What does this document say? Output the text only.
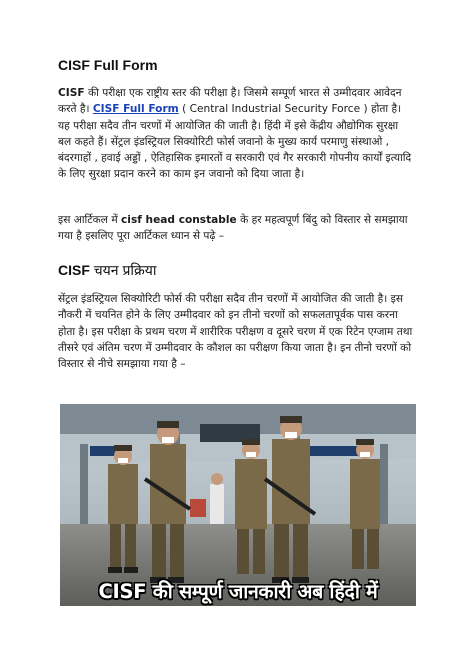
CISF Full Form

CISF की परीक्षा एक राष्ट्रीय स्तर की परीक्षा है। जिसमे सम्पूर्ण भारत से उम्मीदवार आवेदन करते है। CISF Full Form ( Central Industrial Security Force ) होता है। यह परीक्षा सदैव तीन चरणों में आयोजित की जाती है। हिंदी में इसे केंद्रीय औद्योगिक सुरक्षा बल कहते हैं। सेंट्रल इंडस्ट्रियल सिक्योरिटी फोर्स जवानो के मुख्य कार्य परमाणु संस्थाओ , बंदरगाहों , हवाई अड्डों , ऐतिहासिक इमारतों व सरकारी एवं गैर सरकारी गोपनीय कार्यों इत्यादि के लिए सुरक्षा प्रदान करने का काम इन जवानो को दिया जाता है।

इस आर्टिकल में cisf head constable के हर महत्वपूर्ण बिंदु को विस्तार से समझाया गया है इसलिए पूरा आर्टिकल ध्यान से पढ़े –

CISF चयन प्रक्रिया

सेंट्रल इंडस्ट्रियल सिक्योरिटी फोर्स की परीक्षा सदैव तीन चरणों में आयोजित की जाती है। इस नौकरी में चयनित होने के लिए उम्मीदवार को इन तीनो चरणों को सफलतापूर्वक पास करना होता है। इस परीक्षा के प्रथम चरण में शारीरिक परीक्षण व दूसरे चरण में एक रिटेन एग्जाम तथा तीसरे एवं अंतिम चरण में उम्मीदवार के कौशल का परीक्षण किया जाता है। इन तीनो चरणों को विस्तार से नीचे समझाया गया है –

CISF की सम्पूर्ण जानकारी अब हिंदी में
